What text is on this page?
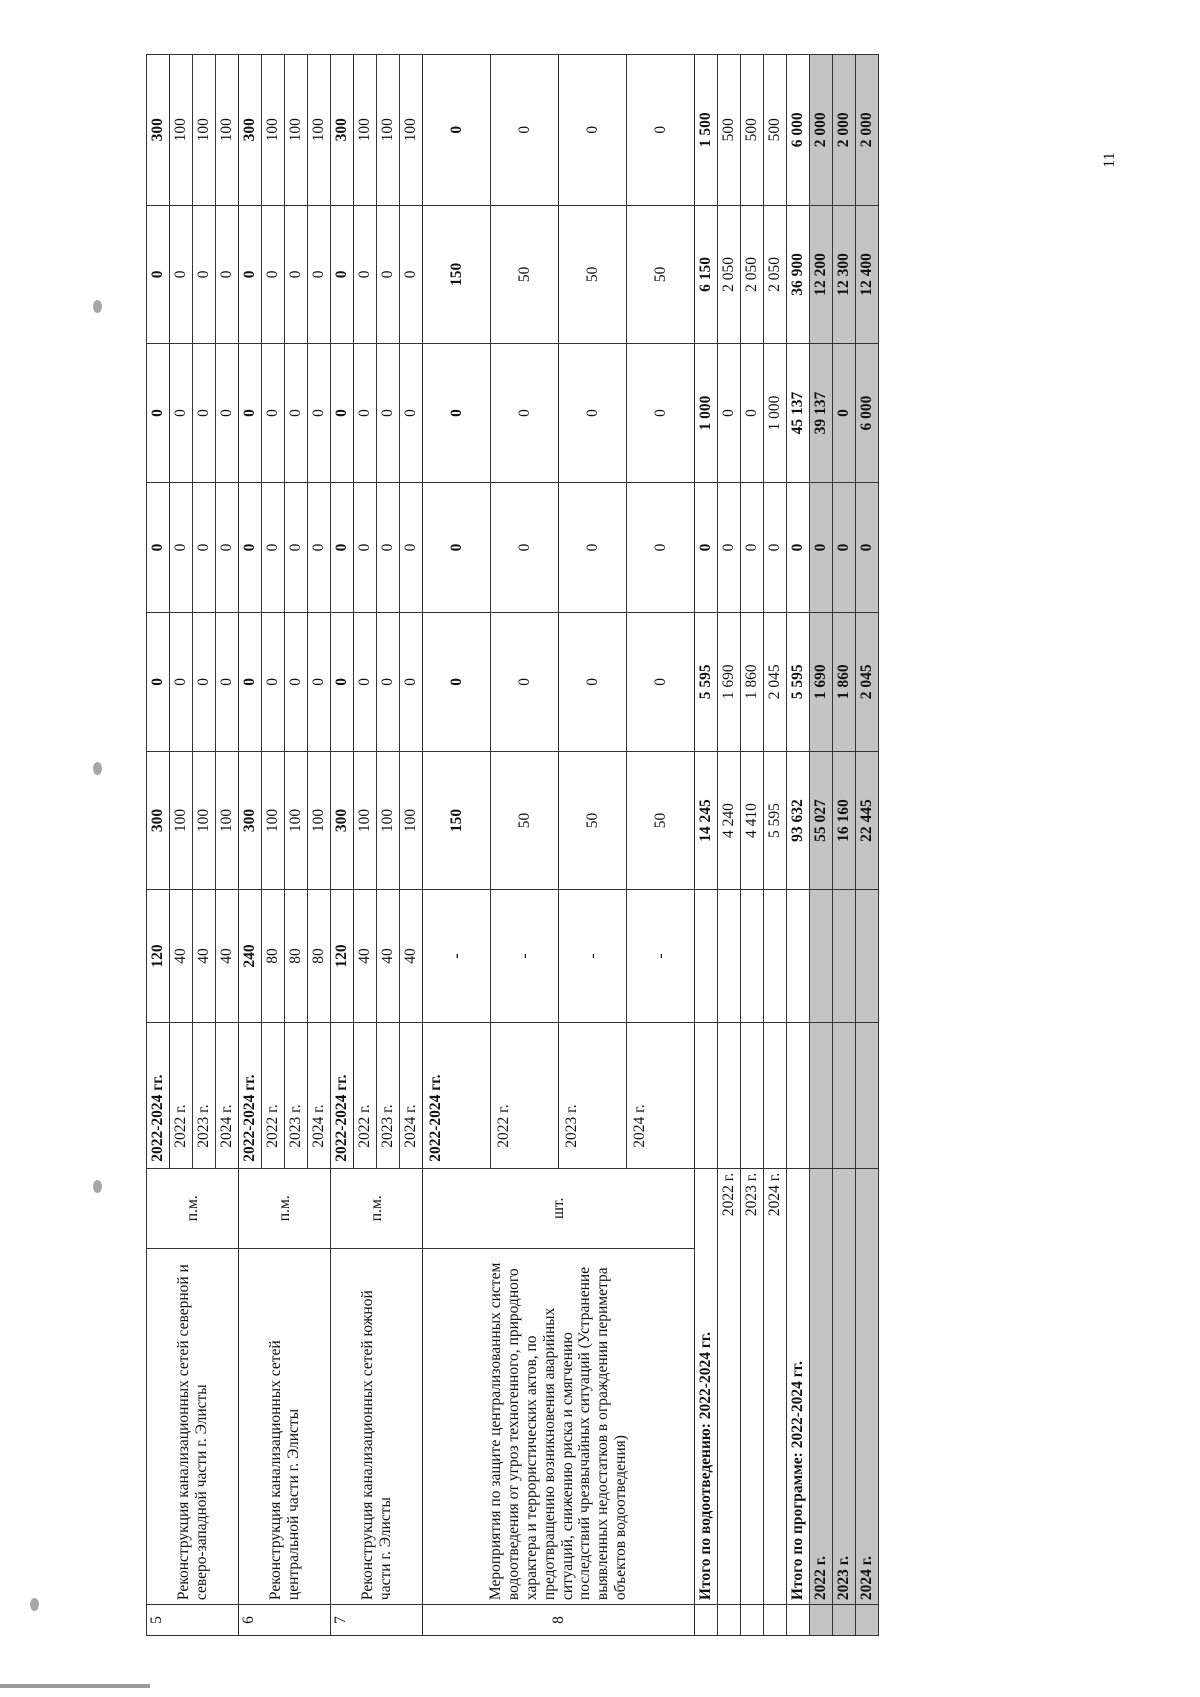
5	Реконструкция канализационных сетей северной и северо-западной части г. Элисты	п.м.	2022-2024 гг.	120	300	0	0	0	0	300
			2022 г.	40	100	0	0	0	0	100
			2023 г.	40	100	0	0	0	0	100
			2024 г.	40	100	0	0	0	0	100
6	Реконструкция канализационных сетей центральной части г. Элисты	п.м.	2022-2024 гг.	240	300	0	0	0	0	300
			2022 г.	80	100	0	0	0	0	100
			2023 г.	80	100	0	0	0	0	100
			2024 г.	80	100	0	0	0	0	100
7	Реконструкция канализационных сетей южной части г. Элисты	п.м.	2022-2024 гг.	120	300	0	0	0	0	300
			2022 г.	40	100	0	0	0	0	100
			2023 г.	40	100	0	0	0	0	100
			2024 г.	40	100	0	0	0	0	100
8	Мероприятия по защите централизованных систем водоотведения от угроз техногенного, природного характера и террористических актов, по предотвращению возникновения аварийных ситуаций, снижению риска и смягчению последствий чрезвычайных ситуаций (Устранение выявленных недостатков в ограждении периметра объектов водоотведения)	шт.	2022-2024 гг.	-	150	0	0	0	150	0
			2022 г.	-	50	0	0	0	50	0
			2023 г.	-	50	0	0	0	50	0
			2024 г.	-	50	0	0	0	50	0
	Итого по водоотведению: 2022-2024 гг.				14 245	5 595	0	1 000	6 150	1 500
	2022 г.				4 240	1 690	0	0	2 050	500
	2023 г.				4 410	1 860	0	0	2 050	500
	2024 г.				5 595	2 045	0	1 000	2 050	500
	Итого по программе: 2022-2024 гг.				93 632	5 595	0	45 137	36 900	6 000
	2022 г.				55 027	1 690	0	39 137	12 200	2 000
	2023 г.				16 160	1 860	0	0	12 300	2 000
	2024 г.				22 445	2 045	0	6 000	12 400	2 000
11
